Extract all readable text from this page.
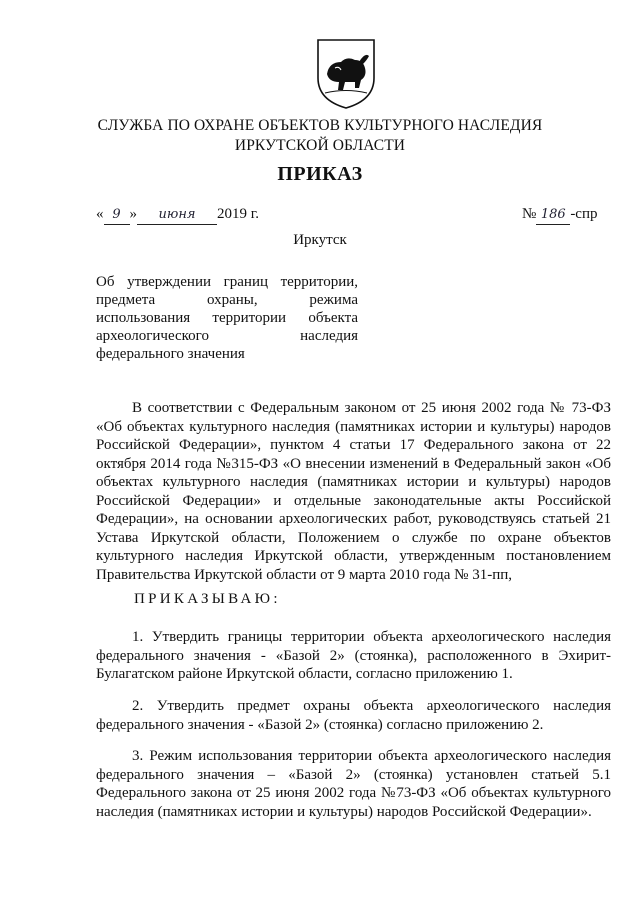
СЛУЖБА ПО ОХРАНЕ ОБЪЕКТОВ КУЛЬТУРНОГО НАСЛЕДИЯ
ИРКУТСКОЙ ОБЛАСТИ
ПРИКАЗ
« 9 » июня 2019 г.	№ 186 -спр
Иркутск
Об утверждении границ территории,
предмета охраны, режима
использования территории объекта
археологического наследия
федерального значения
В соответствии с Федеральным законом от 25 июня 2002 года № 73-ФЗ
«Об объектах культурного наследия (памятниках истории и культуры) народов
Российской Федерации», пунктом 4 статьи 17 Федерального закона от 22
октября 2014 года №315-ФЗ «О внесении изменений в Федеральный закон «Об
объектах культурного наследия (памятниках истории и культуры) народов
Российской Федерации» и отдельные законодательные акты Российской
Федерации», на основании археологических работ, руководствуясь статьей 21
Устава Иркутской области, Положением о службе по охране объектов
культурного наследия Иркутской области, утвержденным постановлением
Правительства Иркутской области от 9 марта 2010 года № 31-пп,
ПРИКАЗЫВАЮ:
1. Утвердить границы территории объекта археологического наследия
федерального значения - «Базой 2» (стоянка), расположенного в Эхирит-
Булагатском районе Иркутской области, согласно приложению 1.
2. Утвердить предмет охраны объекта археологического наследия
федерального значения - «Базой 2» (стоянка) согласно приложению 2.
3. Режим использования территории объекта археологического наследия
федерального значения – «Базой 2» (стоянка) установлен статьей 5.1
Федерального закона от 25 июня 2002 года №73-ФЗ «Об объектах культурного
наследия (памятниках истории и культуры) народов Российской Федерации».
